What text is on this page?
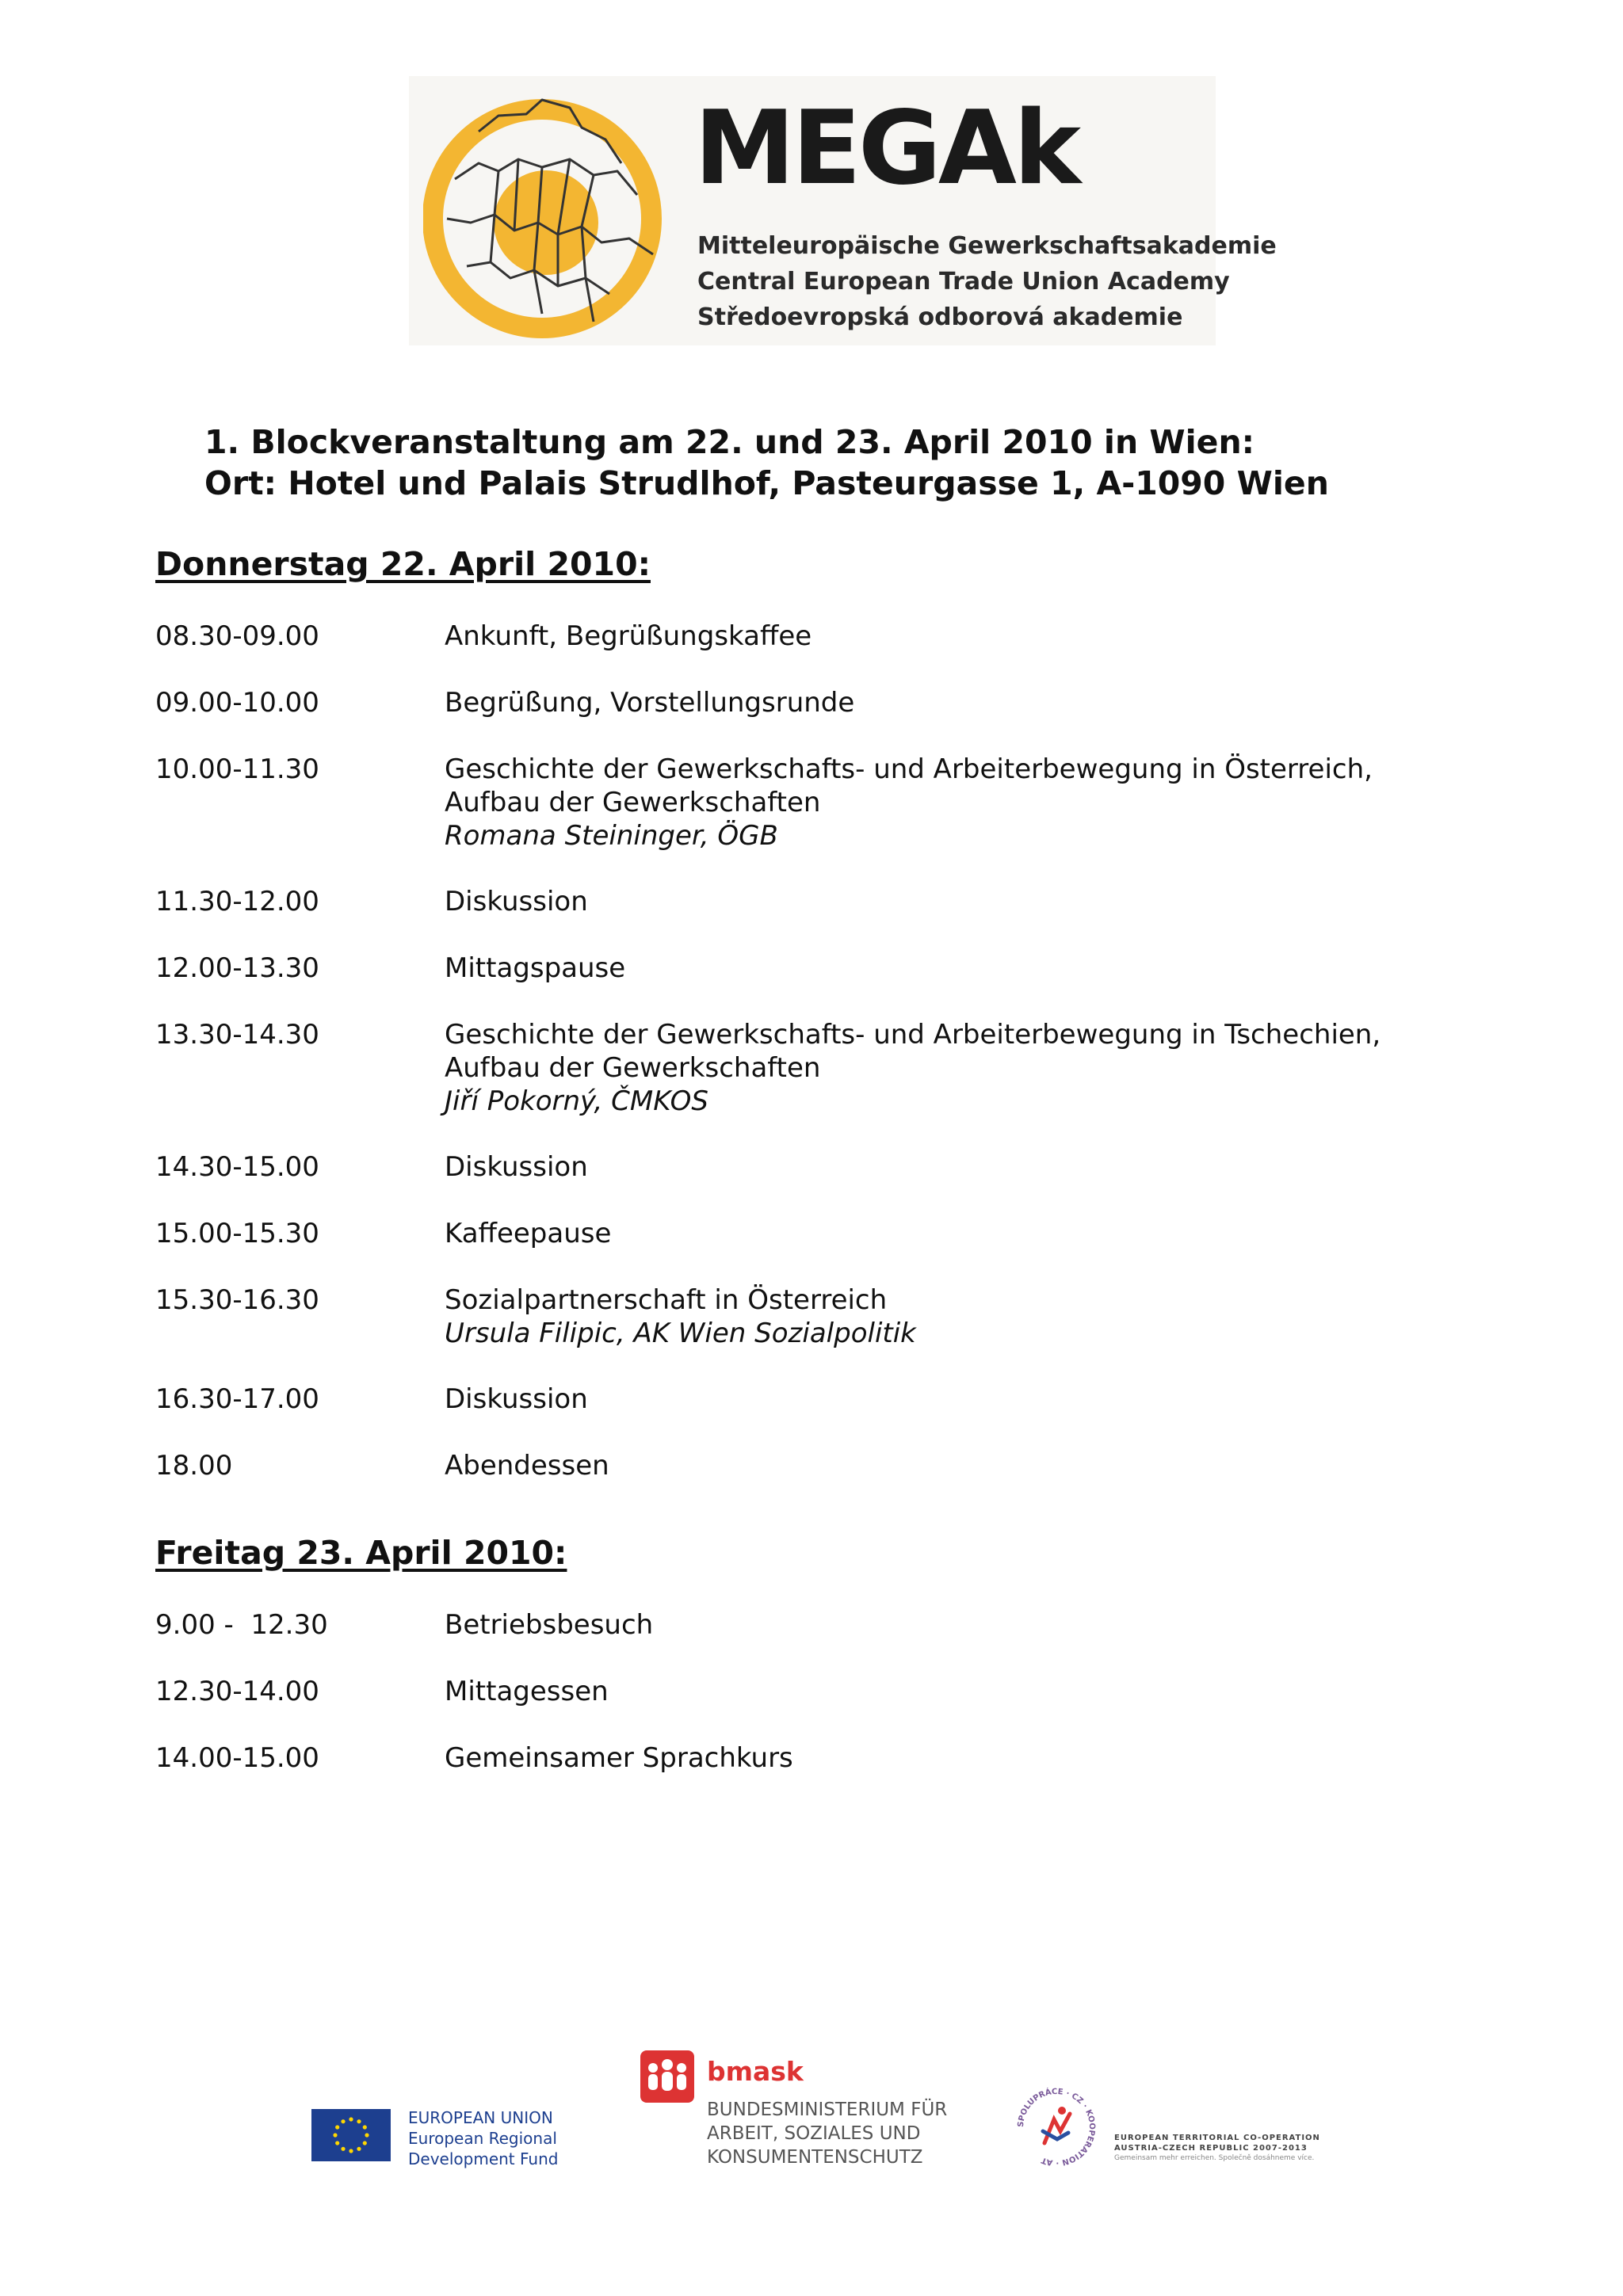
MEGAk
Mitteleuropäische Gewerkschaftsakademie
Central European Trade Union Academy
Středoevropská odborová akademie
1. Blockveranstaltung am 22. und 23. April 2010 in Wien:
Ort: Hotel und Palais Strudlhof, Pasteurgasse 1, A-1090 Wien
Donnerstag 22. April 2010:
08.30-09.00	Ankunft, Begrüßungskaffee
09.00-10.00	Begrüßung, Vorstellungsrunde
10.00-11.30	Geschichte der Gewerkschafts- und Arbeiterbewegung in Österreich,
Aufbau der Gewerkschaften
Romana Steininger, ÖGB
11.30-12.00	Diskussion
12.00-13.30	Mittagspause
13.30-14.30	Geschichte der Gewerkschafts- und Arbeiterbewegung in Tschechien,
Aufbau der Gewerkschaften
Jiří Pokorný, ČMKOS
14.30-15.00	Diskussion
15.00-15.30	Kaffeepause
15.30-16.30	Sozialpartnerschaft in Österreich
Ursula Filipic, AK Wien Sozialpolitik
16.30-17.00	Diskussion
18.00	Abendessen
Freitag 23. April 2010:
9.00 -  12.30	Betriebsbesuch
12.30-14.00	Mittagessen
14.00-15.00	Gemeinsamer Sprachkurs
EUROPEAN UNION
European Regional
Development Fund
bmask
BUNDESMINISTERIUM FÜR
ARBEIT, SOZIALES UND
KONSUMENTENSCHUTZ
SPOLUPRÁCE · CZ · KOOPERATION · AT
EUROPEAN TERRITORIAL CO-OPERATION
AUSTRIA-CZECH REPUBLIC 2007-2013
Gemeinsam mehr erreichen. Společně dosáhneme více.
